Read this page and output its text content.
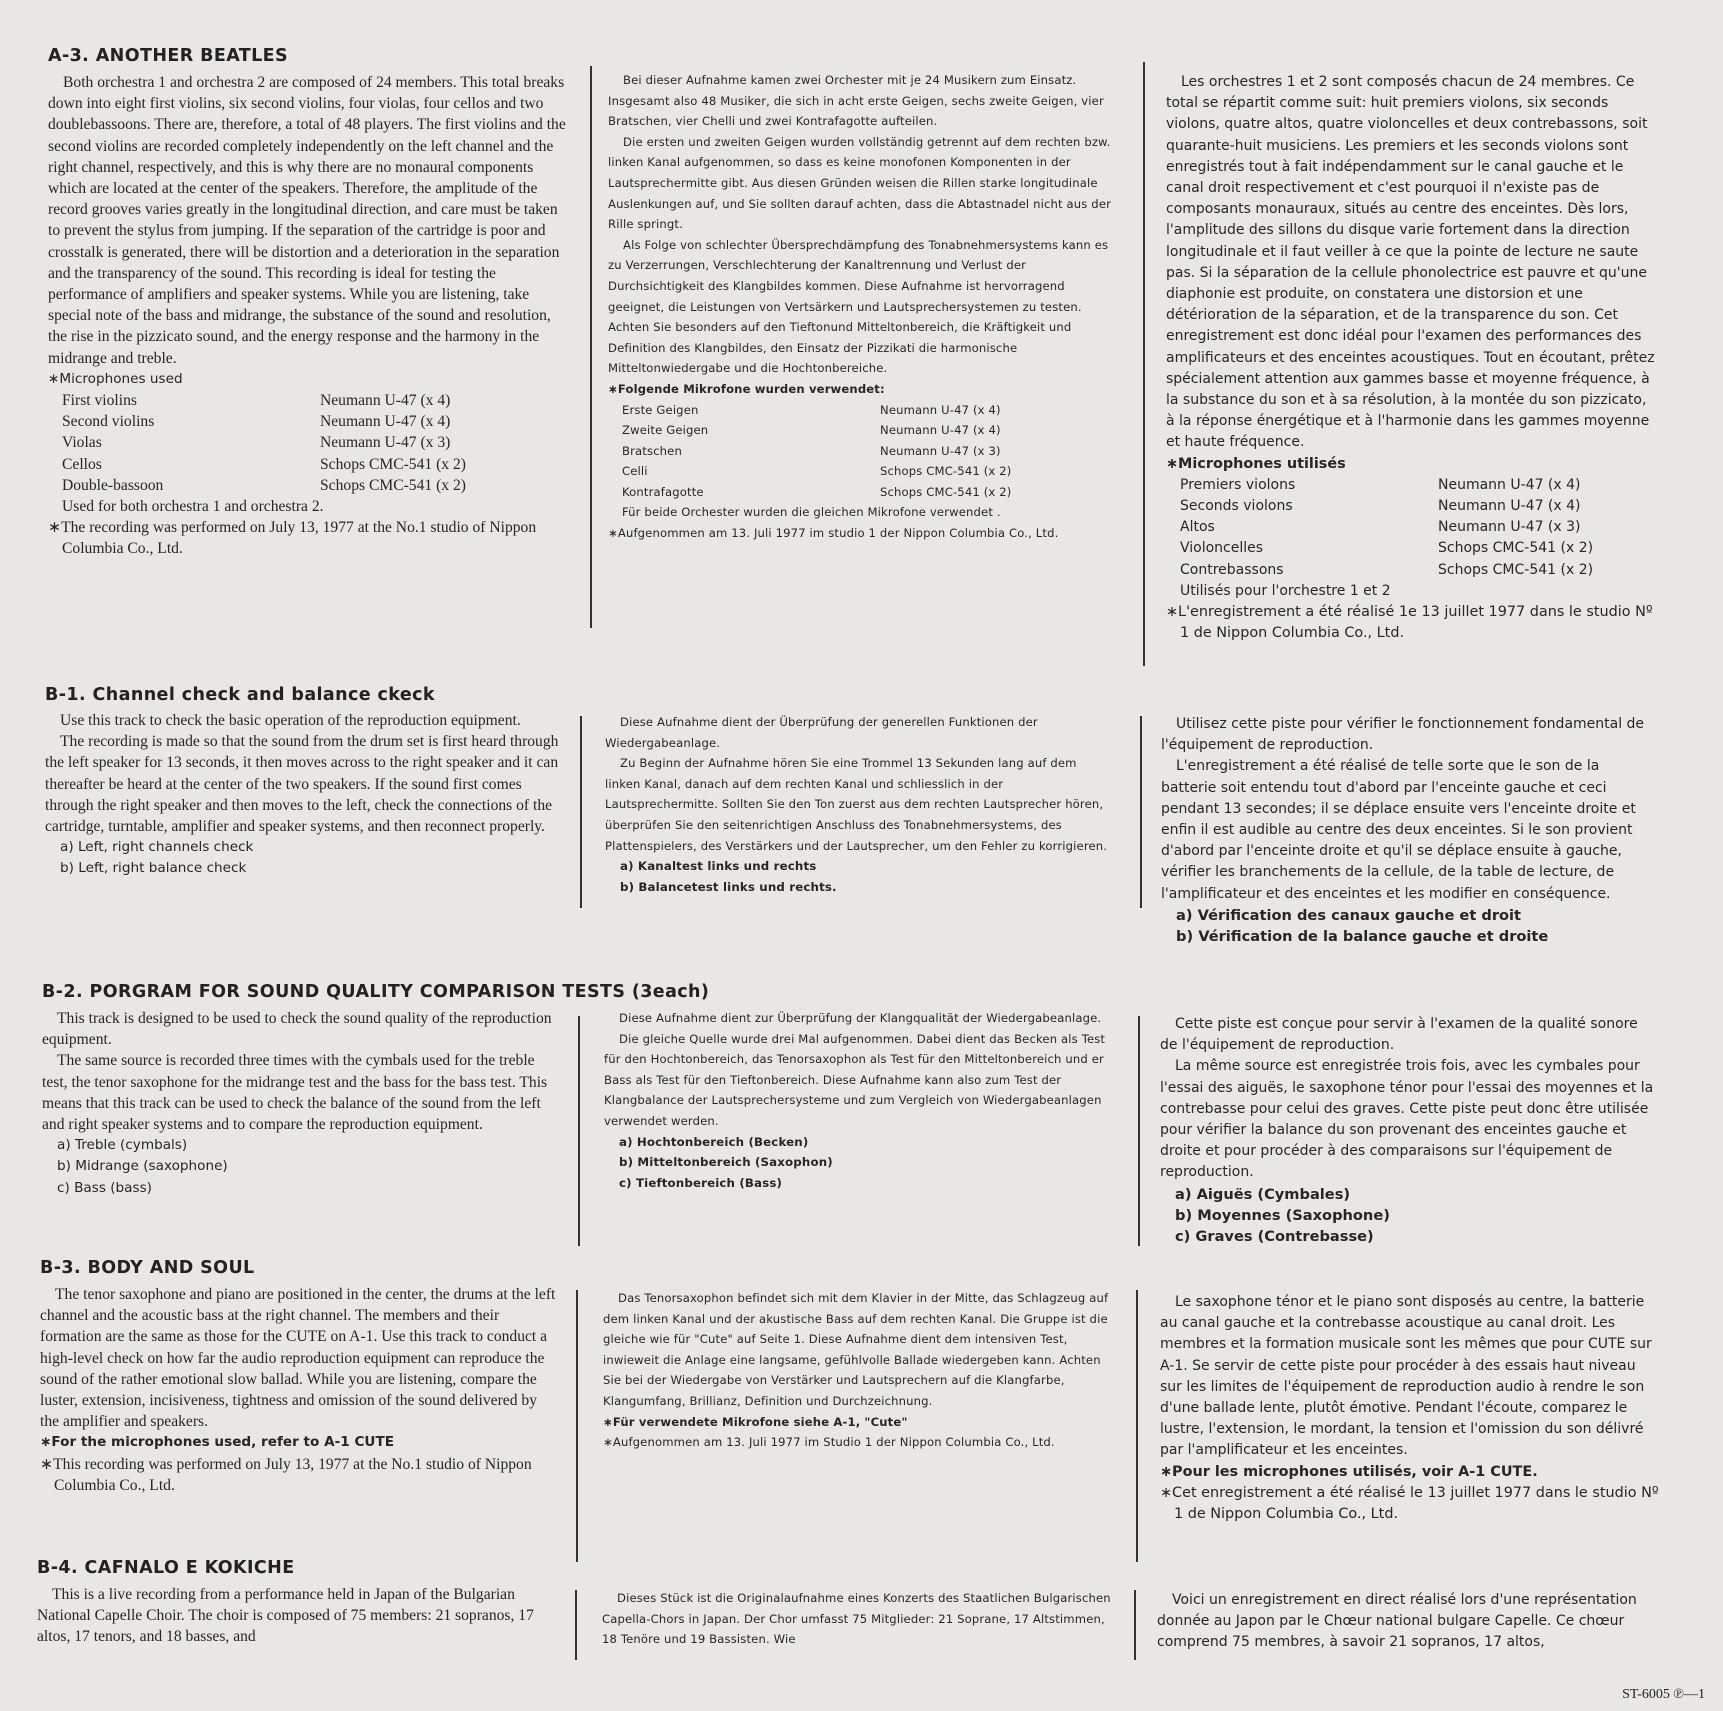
A-3. ANOTHER BEATLES

Both orchestra 1 and orchestra 2 are composed of 24 members. This total breaks down into eight first violins, six second violins, four violas, four cellos and two doublebassoons. There are, therefore, a total of 48 players. The first violins and the second violins are recorded completely independently on the left channel and the right channel, respectively, and this is why there are no monaural components which are located at the center of the speakers. Therefore, the amplitude of the record grooves varies greatly in the longitudinal direction, and care must be taken to prevent the stylus from jumping. If the separation of the cartridge is poor and crosstalk is generated, there will be distortion and a deterioration in the separation and the transparency of the sound. This recording is ideal for testing the performance of amplifiers and speaker systems. While you are listening, take special note of the bass and midrange, the substance of the sound and resolution, the rise in the pizzicato sound, and the energy response and the harmony in the midrange and treble.

∗Microphones used
First violins	Neumann U-47 (x 4)
Second violins	Neumann U-47 (x 4)
Violas	Neumann U-47 (x 3)
Cellos	Schops CMC-541 (x 2)
Double-bassoon	Schops CMC-541 (x 2)
Used for both orchestra 1 and orchestra 2.
∗The recording was performed on July 13, 1977 at the No.1 studio of Nippon Columbia Co., Ltd.

Bei dieser Aufnahme kamen zwei Orchester mit je 24 Musikern zum Einsatz. Insgesamt also 48 Musiker, die sich in acht erste Geigen, sechs zweite Geigen, vier Bratschen, vier Chelli und zwei Kontrafagotte aufteilen.

Die ersten und zweiten Geigen wurden vollständig getrennt auf dem rechten bzw. linken Kanal aufgenommen, so dass es keine monofonen Komponenten in der Lautsprechermitte gibt. Aus diesen Gründen weisen die Rillen starke longitudinale Auslenkungen auf, und Sie sollten darauf achten, dass die Abtastnadel nicht aus der Rille springt.

Als Folge von schlechter Übersprechdämpfung des Tonabnehmersystems kann es zu Verzerrungen, Verschlechterung der Kanaltrennung und Verlust der Durchsichtigkeit des Klangbildes kommen. Diese Aufnahme ist hervorragend geeignet, die Leistungen von Vertsärkern und Lautsprechersystemen zu testen. Achten Sie besonders auf den Tieftonund Mitteltonbereich, die Kräftigkeit und Definition des Klangbildes, den Einsatz der Pizzikati die harmonische Mitteltonwiedergabe und die Hochtonbereiche.

∗Folgende Mikrofone wurden verwendet:
Erste Geigen	Neumann U-47 (x 4)
Zweite Geigen	Neumann U-47 (x 4)
Bratschen	Neumann U-47 (x 3)
Celli	Schops CMC-541 (x 2)
Kontrafagotte	Schops CMC-541 (x 2)
Für beide Orchester wurden die gleichen Mikrofone verwendet .
∗Aufgenommen am 13. Juli 1977 im studio 1 der Nippon Columbia Co., Ltd.

Les orchestres 1 et 2 sont composés chacun de 24 membres. Ce total se répartit comme suit: huit premiers violons, six seconds violons, quatre altos, quatre violoncelles et deux contrebassons, soit quarante-huit musiciens. Les premiers et les seconds violons sont enregistrés tout à fait indépendamment sur le canal gauche et le canal droit respectivement et c'est pourquoi il n'existe pas de composants monauraux, situés au centre des enceintes. Dès lors, l'amplitude des sillons du disque varie fortement dans la direction longitudinale et il faut veiller à ce que la pointe de lecture ne saute pas. Si la séparation de la cellule phonolectrice est pauvre et qu'une diaphonie est produite, on constatera une distorsion et une détérioration de la séparation, et de la transparence du son. Cet enregistrement est donc idéal pour l'examen des performances des amplificateurs et des enceintes acoustiques. Tout en écoutant, prêtez spécialement attention aux gammes basse et moyenne fréquence, à la substance du son et à sa résolution, à la montée du son pizzicato, à la réponse énergétique et à l'harmonie dans les gammes moyenne et haute fréquence.

∗Microphones utilisés
Premiers violons	Neumann U-47 (x 4)
Seconds violons	Neumann U-47 (x 4)
Altos	Neumann U-47 (x 3)
Violoncelles	Schops CMC-541 (x 2)
Contrebassons	Schops CMC-541 (x 2)
Utilisés pour l'orchestre 1 et 2
∗L'enregistrement a été réalisé 1e 13 juillet 1977 dans le studio Nº 1 de Nippon Columbia Co., Ltd.
B-1. Channel check and balance ckeck

Use this track to check the basic operation of the reproduction equipment.

The recording is made so that the sound from the drum set is first heard through the left speaker for 13 seconds, it then moves across to the right speaker and it can thereafter be heard at the center of the two speakers. If the sound first comes through the right speaker and then moves to the left, check the connections of the cartridge, turntable, amplifier and speaker systems, and then reconnect properly.

a) Left, right channels check
b) Left, right balance check

Diese Aufnahme dient der Überprüfung der generellen Funktionen der Wiedergabeanlage.

Zu Beginn der Aufnahme hören Sie eine Trommel 13 Sekunden lang auf dem linken Kanal, danach auf dem rechten Kanal und schliesslich in der Lautsprechermitte. Sollten Sie den Ton zuerst aus dem rechten Lautsprecher hören, überprüfen Sie den seitenrichtigen Anschluss des Tonabnehmersystems, des Plattenspielers, des Verstärkers und der Lautsprecher, um den Fehler zu korrigieren.

a) Kanaltest links und rechts
b) Balancetest links und rechts.

Utilisez cette piste pour vérifier le fonctionnement fondamental de l'équipement de reproduction.

L'enregistrement a été réalisé de telle sorte que le son de la batterie soit entendu tout d'abord par l'enceinte gauche et ceci pendant 13 secondes; il se déplace ensuite vers l'enceinte droite et enfin il est audible au centre des deux enceintes. Si le son provient d'abord par l'enceinte droite et qu'il se déplace ensuite à gauche, vérifier les branchements de la cellule, de la table de lecture, de l'amplificateur et des enceintes et les modifier en conséquence.

a) Vérification des canaux gauche et droit
b) Vérification de la balance gauche et droite
B-2. PORGRAM FOR SOUND QUALITY COMPARISON TESTS (3each)

This track is designed to be used to check the sound quality of the reproduction equipment.

The same source is recorded three times with the cymbals used for the treble test, the tenor saxophone for the midrange test and the bass for the bass test. This means that this track can be used to check the balance of the sound from the left and right speaker systems and to compare the reproduction equipment.

a) Treble (cymbals)
b) Midrange (saxophone)
c) Bass (bass)

Diese Aufnahme dient zur Überprüfung der Klangqualität der Wiedergabeanlage.

Die gleiche Quelle wurde drei Mal aufgenommen. Dabei dient das Becken als Test für den Hochtonbereich, das Tenorsaxophon als Test für den Mitteltonbereich und er Bass als Test für den Tieftonbereich. Diese Aufnahme kann also zum Test der Klangbalance der Lautsprechersysteme und zum Vergleich von Wiedergabeanlagen verwendet werden.

a) Hochtonbereich (Becken)
b) Mitteltonbereich (Saxophon)
c) Tieftonbereich (Bass)

Cette piste est conçue pour servir à l'examen de la qualité sonore de l'équipement de reproduction.

La même source est enregistrée trois fois, avec les cymbales pour l'essai des aiguës, le saxophone ténor pour l'essai des moyennes et la contrebasse pour celui des graves. Cette piste peut donc être utilisée pour vérifier la balance du son provenant des enceintes gauche et droite et pour procéder à des comparaisons sur l'équipement de reproduction.

a) Aiguës (Cymbales)
b) Moyennes (Saxophone)
c) Graves (Contrebasse)
B-3. BODY AND SOUL

The tenor saxophone and piano are positioned in the center, the drums at the left channel and the acoustic bass at the right channel. The members and their formation are the same as those for the CUTE on A-1. Use this track to conduct a high-level check on how far the audio reproduction equipment can reproduce the sound of the rather emotional slow ballad. While you are listening, compare the luster, extension, incisiveness, tightness and omission of the sound delivered by the amplifier and speakers.

∗For the microphones used, refer to A-1 CUTE
∗This recording was performed on July 13, 1977 at the No.1 studio of Nippon Columbia Co., Ltd.

Das Tenorsaxophon befindet sich mit dem Klavier in der Mitte, das Schlagzeug auf dem linken Kanal und der akustische Bass auf dem rechten Kanal. Die Gruppe ist die gleiche wie für "Cute" auf Seite 1. Diese Aufnahme dient dem intensiven Test, inwieweit die Anlage eine langsame, gefühlvolle Ballade wiedergeben kann. Achten Sie bei der Wiedergabe von Verstärker und Lautsprechern auf die Klangfarbe, Klangumfang, Brillianz, Definition und Durchzeichnung.

∗Für verwendete Mikrofone siehe A-1, "Cute"
∗Aufgenommen am 13. Juli 1977 im Studio 1 der Nippon Columbia Co., Ltd.

Le saxophone ténor et le piano sont disposés au centre, la batterie au canal gauche et la contrebasse acoustique au canal droit. Les membres et la formation musicale sont les mêmes que pour CUTE sur A-1. Se servir de cette piste pour procéder à des essais haut niveau sur les limites de l'équipement de reproduction audio à rendre le son d'une ballade lente, plutôt émotive. Pendant l'écoute, comparez le lustre, l'extension, le mordant, la tension et l'omission du son délivré par l'amplificateur et les enceintes.

∗Pour les microphones utilisés, voir A-1 CUTE.
∗Cet enregistrement a été réalisé le 13 juillet 1977 dans le studio Nº 1 de Nippon Columbia Co., Ltd.
B-4. CAFNALO E KOKICHE

This is a live recording from a performance held in Japan of the Bulgarian National Capelle Choir. The choir is composed of 75 members: 21 sopranos, 17 altos, 17 tenors, and 18 basses, and

Dieses Stück ist die Originalaufnahme eines Konzerts des Staatlichen Bulgarischen Capella-Chors in Japan. Der Chor umfasst 75 Mitglieder: 21 Soprane, 17 Altstimmen, 18 Tenöre und 19 Bassisten. Wie

Voici un enregistrement en direct réalisé lors d'une représentation donnée au Japon par le Chœur national bulgare Capelle. Ce chœur comprend 75 membres, à savoir 21 sopranos, 17 altos,

ST-6005 ℗—1
